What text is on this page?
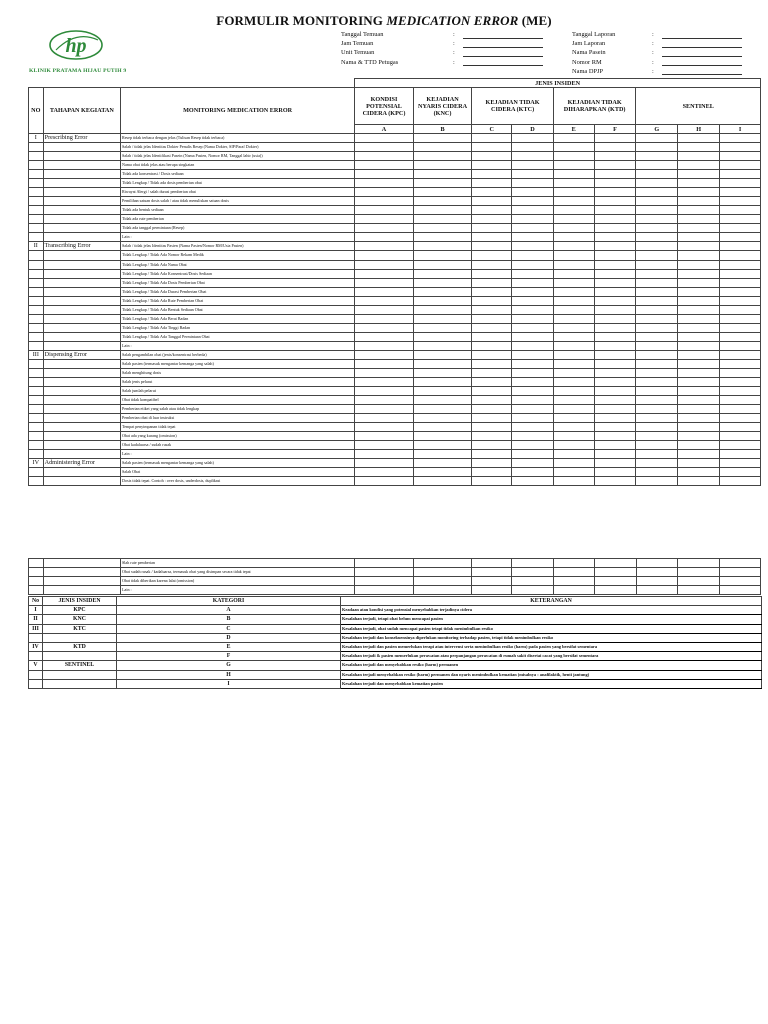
FORMULIR MONITORING MEDICATION ERROR (ME)
hp
KLINIK PRATAMA HIJAU PUTIH 9
Tanggal Temuan	:
Jam Temuan	:
Unit Temuan	:
Nama & TTD Petugas	:
Tanggal Laporan	:
Jam Laporan	:
Nama Pasein	:
Nomor RM	:
Nama DPJP	:
			JENIS INSIDEN								
NO	TAHAPAN KEGIATAN	MONITORING MEDICATION ERROR	KONDISI POTENSIAL CIDERA (KPC)	KEJADIAN NYARIS CIDERA (KNC)	KEJADIAN TIDAK CIDERA (KTC)		KEJADIAN TIDAK DIHARAPKAN (KTD)		SENTINEL		
			A	B	C	D	E	F	G	H	I
I	Prescribing Error	Resep tidak terbaca dengan jelas (Tulisan Resep tidak terbaca)									
		Salah / tidak jelas Identitas Dokter Penulis Resep (Nama Dokter, SIP/Paraf Dokter)									
		Salah / tidak jelas Identifikasi Pasein (Nama Pasien, Nomor RM, Tanggal lahir (usia))									
		Nama obat tidak jelas atau berupa singkatan									
		Tidak ada konsentrasi / Dosis sediaan									
		Tidak Lengkap / Tidak ada dosis pemberian obat									
		Riwayat Alergi / salah durasi pemberian obat									
		Pemilihan satuan dosis salah / atau tidak menuliskan satuan dosis									
		Tidak ada bentuk sediaan									
		Tidak ada rute pemberian									
		Tidak ada tanggal permintaan (Resep)									
		Lain :									
II	Transcribing Error	Salah / tidak jelas Identitas Pasien (Nama Pasien/Nomor RM/Usia Pasien)									
		Tidak Lengkap / Tidak Ada Nomor Rekam Medik									
		Tidak Lengkap / Tidak Ada Nama Obat									
		Tidak Lengkap / Tidak Ada Konsentrasi/Dosis Sediaan									
		Tidak Lengkap / Tidak Ada Dosis Pemberian Obat									
		Tidak Lengkap / Tidak Ada Durasi Pemberian Obat									
		Tidak Lengkap / Tidak Ada Rute Pemberian Obat									
		Tidak Lengkap / Tidak Ada Bentuk Sediaan Obat									
		Tidak Lengkap / Tidak Ada Berat Badan									
		Tidak Lengkap / Tidak Ada Tinggi Badan									
		Tidak Lengkap / Tidak Ada Tanggal Permintaan Obat									
		Lain :									
III	Dispensing Error	Salah pengambilan obat (jenis/konsentrasi berbeda)									
		Salah pasien (termasuk mengantar kemanga yang salah)									
		Salah menghitung dosis									
		Salah jenis pelarut									
		Salah jumlah pelarut									
		Obat tidak kompatibel									
		Pemberian etiket yang salah atau tidak lengkap									
		Pemberian obat di luar instruksi									
		Tempat penyimpanan tidak tepat									
		Obat ada yang kurang (omission)									
		Obat kadaluarsa / sudah rusak									
		Lain :									
IV	Administering Error	Salah pasien (termasuk mengantar kemanga yang salah)									
		Salah Obat									
		Dosis tidak tepat. Contoh : over dosis, underdosis, duplikasi									
		Slah rute pemberian									
		Obat sudah rusak / kadaluarsa, termasuk obat yang disimpan secara tidak tepat									
		Obat tidak diberikan karena lalai (omission)									
		Lain :									
No	JENIS INSIDEN	KATEGORI	KETERANGAN
I	KPC	A	Keadaan atau kondisi yang potensial menyebabkan terjadinya cidera
II	KNC	B	Kesalahan terjadi, tetapi obat belum mencapai pasien
III	KTC	C	Kesalahan terjadi, obat sudah mencapai pasien tetapi tidak menimbulkan resiko
		D	Kesalahan terjadi dan konsekuensinya diperlukan monitoring terhadap pasien, tetapi tidak menimbulkan resiko
IV	KTD	E	Kesalahan terjadi dan pasien memerlukan terapi atau intervensi serta menimbulkan resiko (harm) pada pasien yang bersifat sementara
		F	Kesalahan terjadi & pasien memerlukan perawatan atau perpanjangan perawatan di rumah sakit disertai cacat yang bersifat sementara
V	SENTINEL	G	Kesalahan terjadi dan menyebabkan resiko (harm) permanen
		H	Kesalahan terjadi menyebabkan resiko (harm) permanen dan nyaris menimbulkan kematian (misalnya : anafilaktik, henti jantung)
		I	Kesalahan terjadi dan menyebabkan kematian pasien
